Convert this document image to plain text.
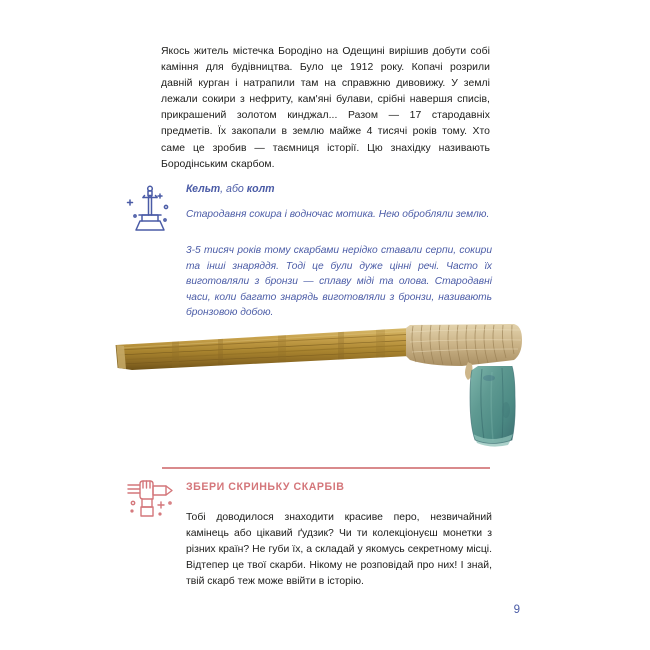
Якось житель містечка Бородіно на Одещині вирішив добути собі каміння для будівництва. Було це 1912 року. Копачі розрили давній курган і натрапили там на справжню дивовижу. У землі лежали сокири з нефриту, кам'яні булави, срібні навершя списів, прикрашений золотом кинджал... Разом — 17 стародавніх предметів. Їх закопали в землю майже 4 тисячі років тому. Хто саме це зробив — таємниця історії. Цю знахідку називають Бородінським скарбом.
Кельт, або колт
Стародавня сокира і водночас мотика. Нею обробляли землю.
3-5 тисяч років тому скарбами нерідко ставали серпи, сокири та інші знаряддя. Тоді це були дуже цінні речі. Часто їх виготовляли з бронзи — сплаву міді та олова. Стародавні часи, коли багато знарядь виготовляли з бронзи, називають бронзовою добою.
ЗБЕРИ СКРИНЬКУ СКАРБІВ
Тобі доводилося знаходити красиве перо, незвичайний камінець або цікавий ґудзик? Чи ти колекціонуєш монетки з різних країн? Не губи їх, а складай у якомусь секретному місці. Відтепер це твої скарби. Нікому не розповідай про них! І знай, твій скарб теж може ввійти в історію.
9
